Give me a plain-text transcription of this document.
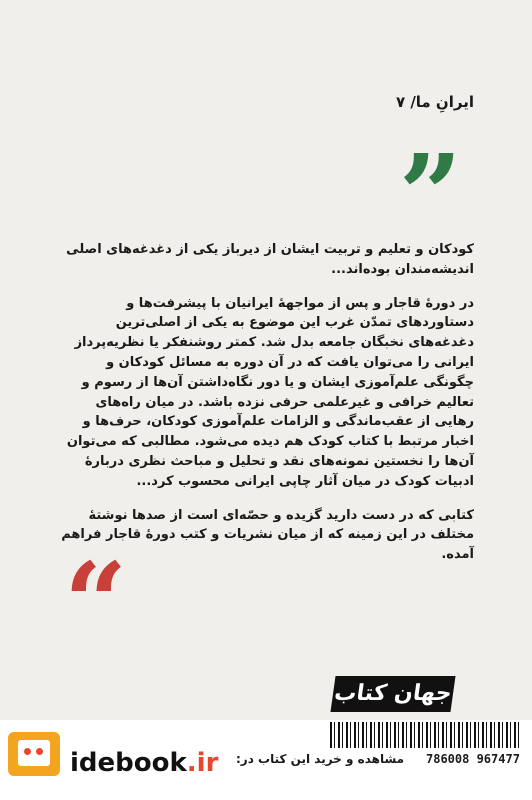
ایرانِ ما/ ۷
”

کودکان و تعلیم و تربیت ایشان از دیرباز یکی از دغدغه‌های اصلی اندیشه‌مندان بوده‌اند...

در دورهٔ قاجار و پس از مواجههٔ ایرانیان با پیشرفت‌ها و دستاوردهای تمدّن غرب این موضوع به یکی از اصلی‌ترین دغدغه‌های نخبگان جامعه بدل شد. کمتر روشنفکر یا نظریه‌پرداز ایرانی را می‌توان یافت که در آن دوره به مسائل کودکان و چگونگی علم‌آموزی ایشان و یا دور نگاه‌داشتن آن‌ها از رسوم و تعالیم خرافی و غیرعلمی حرفی نزده باشد. در میان راه‌های رهایی از عقب‌ماندگی و الزامات علم‌آموزی کودکان، حرف‌ها و اخبار مرتبط با کتاب کودک هم دیده می‌شود. مطالبی که می‌توان آن‌ها را نخستین نمونه‌های نقد و تحلیل و مباحث نظری دربارهٔ ادبیات کودک در میان آثار چاپی ایرانی محسوب کرد...

کتابی که در دست دارید گزیده و حصّه‌ای است از صدها نوشتهٔ مختلف در این زمینه که از میان نشریات و کتب دورهٔ قاجار فراهم آمده.

“
جهان کتاب
idebook.ir مشاهده و خرید این کتاب در: 786008 967477
